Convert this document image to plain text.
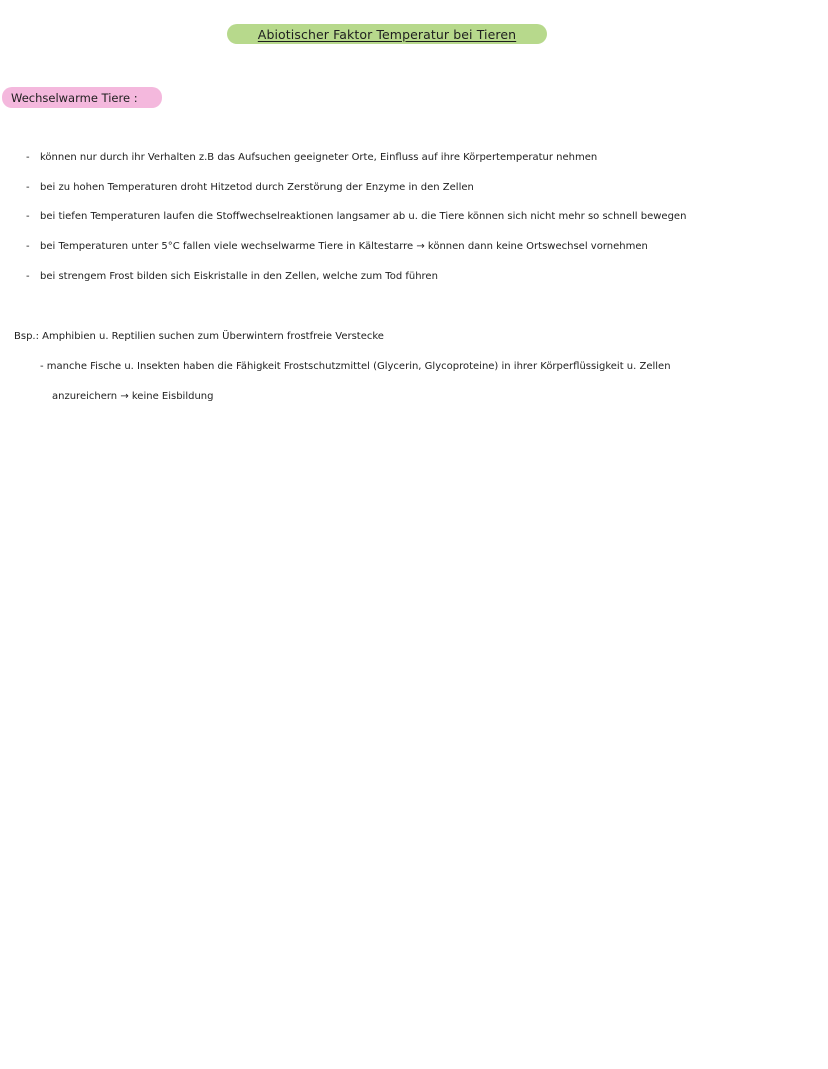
Abiotischer Faktor Temperatur bei Tieren
Wechselwarme Tiere :
- können nur durch ihr Verhalten z.B das Aufsuchen geeigneter Orte, Einfluss auf ihre Körpertemperatur nehmen
- bei zu hohen Temperaturen droht Hitzetod durch Zerstörung der Enzyme in den Zellen
- bei tiefen Temperaturen laufen die Stoffwechselreaktionen langsamer ab u. die Tiere können sich nicht mehr so schnell bewegen
- bei Temperaturen unter 5°C fallen viele wechselwarme Tiere in Kältestarre → können dann keine Ortswechsel vornehmen
- bei strengem Frost bilden sich Eiskristalle in den Zellen, welche zum Tod führen
Bsp.: Amphibien u. Reptilien suchen zum Überwintern frostfreie Verstecke
- manche Fische u. Insekten haben die Fähigkeit Frostschutzmittel (Glycerin, Glycoproteine) in ihrer Körperflüssigkeit u. Zellen
anzureichern → keine Eisbildung
